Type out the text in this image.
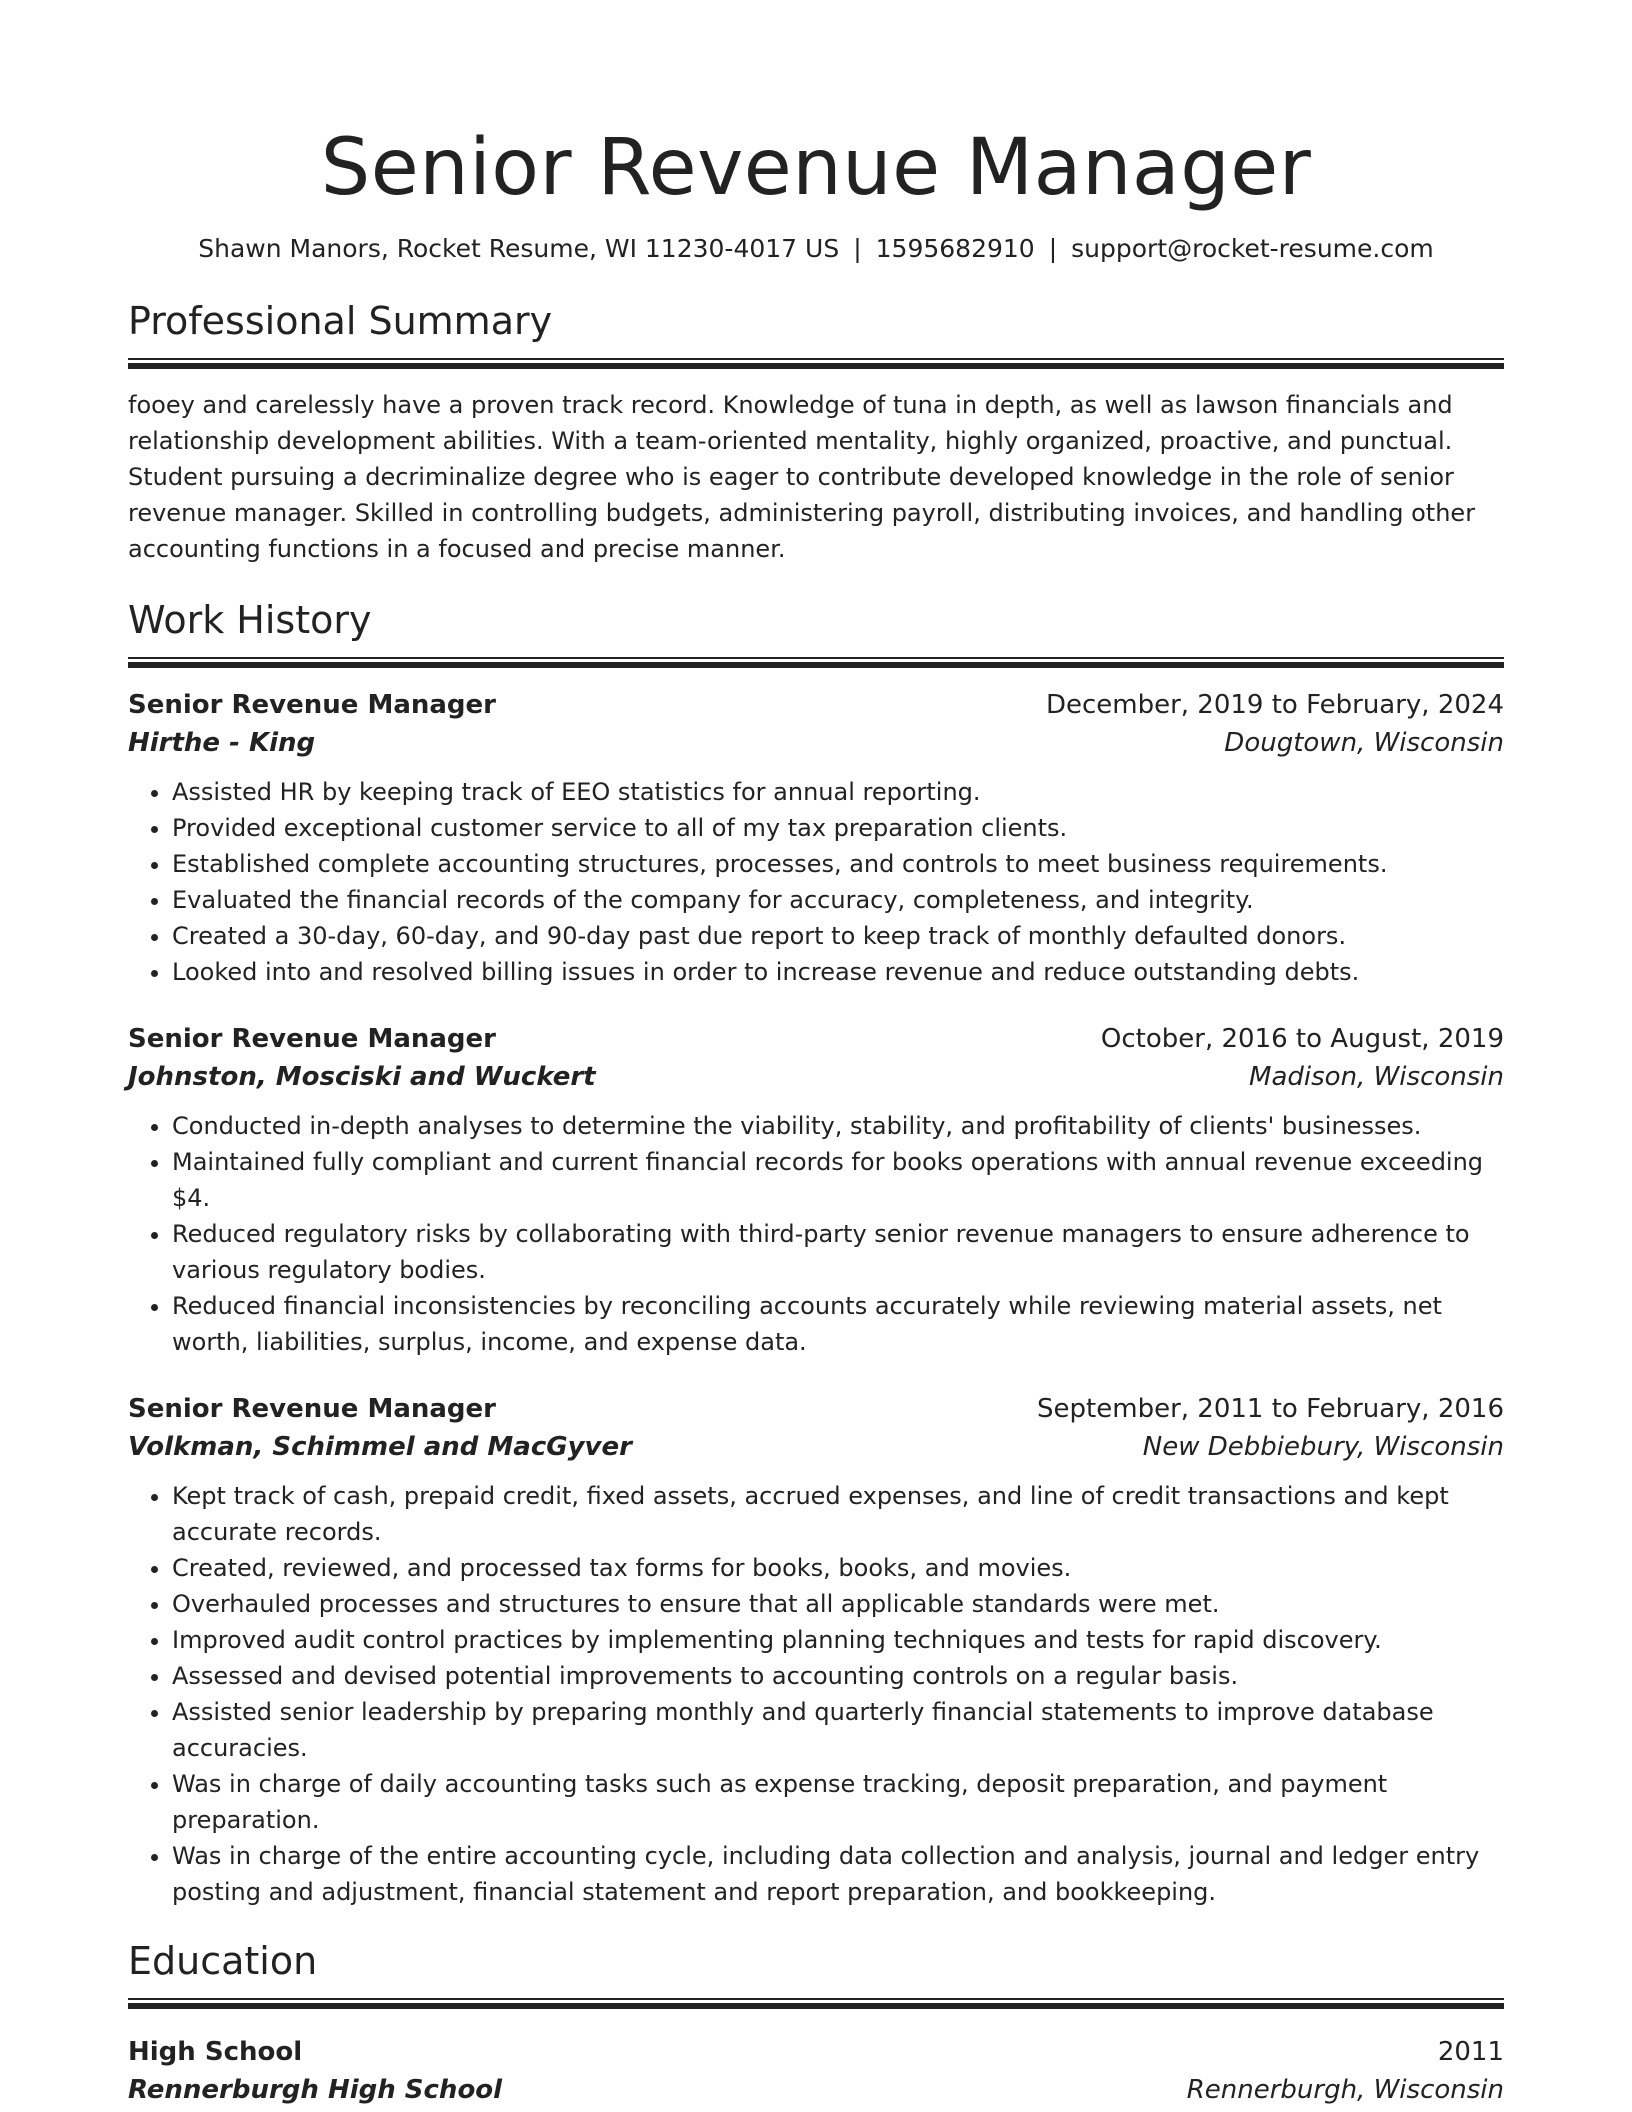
Senior Revenue Manager
Shawn Manors, Rocket Resume, WI 11230-4017 US | 1595682910 | support@rocket-resume.com
Professional Summary

fooey and carelessly have a proven track record. Knowledge of tuna in depth, as well as lawson financials and relationship development abilities. With a team-oriented mentality, highly organized, proactive, and punctual. Student pursuing a decriminalize degree who is eager to contribute developed knowledge in the role of senior revenue manager. Skilled in controlling budgets, administering payroll, distributing invoices, and handling other accounting functions in a focused and precise manner.

Work History
Senior Revenue Manager	December, 2019 to February, 2024
Hirthe - King	Dougtown, Wisconsin
• Assisted HR by keeping track of EEO statistics for annual reporting.
• Provided exceptional customer service to all of my tax preparation clients.
• Established complete accounting structures, processes, and controls to meet business requirements.
• Evaluated the financial records of the company for accuracy, completeness, and integrity.
• Created a 30-day, 60-day, and 90-day past due report to keep track of monthly defaulted donors.
• Looked into and resolved billing issues in order to increase revenue and reduce outstanding debts.
Senior Revenue Manager	October, 2016 to August, 2019
Johnston, Mosciski and Wuckert	Madison, Wisconsin
• Conducted in-depth analyses to determine the viability, stability, and profitability of clients' businesses.
• Maintained fully compliant and current financial records for books operations with annual revenue exceeding $4.
• Reduced regulatory risks by collaborating with third-party senior revenue managers to ensure adherence to various regulatory bodies.
• Reduced financial inconsistencies by reconciling accounts accurately while reviewing material assets, net worth, liabilities, surplus, income, and expense data.
Senior Revenue Manager	September, 2011 to February, 2016
Volkman, Schimmel and MacGyver	New Debbiebury, Wisconsin
• Kept track of cash, prepaid credit, fixed assets, accrued expenses, and line of credit transactions and kept accurate records.
• Created, reviewed, and processed tax forms for books, books, and movies.
• Overhauled processes and structures to ensure that all applicable standards were met.
• Improved audit control practices by implementing planning techniques and tests for rapid discovery.
• Assessed and devised potential improvements to accounting controls on a regular basis.
• Assisted senior leadership by preparing monthly and quarterly financial statements to improve database accuracies.
• Was in charge of daily accounting tasks such as expense tracking, deposit preparation, and payment preparation.
• Was in charge of the entire accounting cycle, including data collection and analysis, journal and ledger entry posting and adjustment, financial statement and report preparation, and bookkeeping.
Education
High School	2011
Rennerburgh High School	Rennerburgh, Wisconsin
